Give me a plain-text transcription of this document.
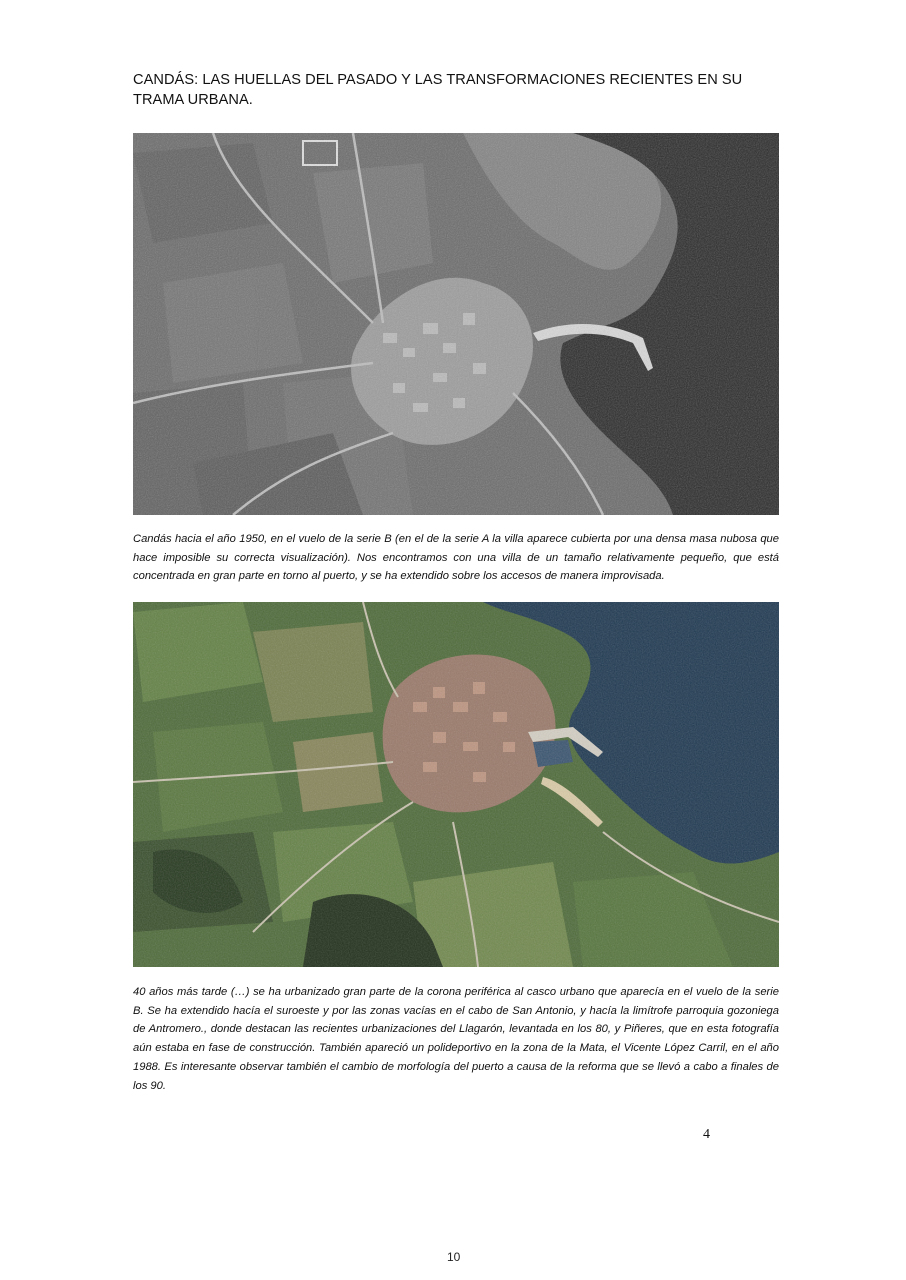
CANDÁS: LAS HUELLAS DEL PASADO Y LAS TRANSFORMACIONES RECIENTES EN SU TRAMA URBANA.
Candás hacia el año 1950, en el vuelo de la serie B (en el de la serie A la villa aparece cubierta por una densa masa nubosa que hace imposible su correcta visualización). Nos encontramos con una villa de un tamaño relativamente pequeño, que está concentrada en gran parte en torno al puerto, y se ha extendido sobre los accesos de manera improvisada.
40 años más tarde (…) se ha urbanizado gran parte de la corona periférica al casco urbano que aparecía en el vuelo de la serie B. Se ha extendido hacía el suroeste y por las zonas vacías en el cabo de San Antonio, y hacía la limítrofe parroquia gozoniega de Antromero., donde destacan las recientes urbanizaciones del Llagarón, levantada en los 80, y Piñeres, que en esta fotografía aún estaba en fase de construcción. También apareció un polideportivo en la zona de la Mata, el Vicente López Carril, en el año 1988. Es interesante observar también el cambio de morfología del puerto a causa de la reforma que se llevó a cabo a finales de los 90.
4
10
